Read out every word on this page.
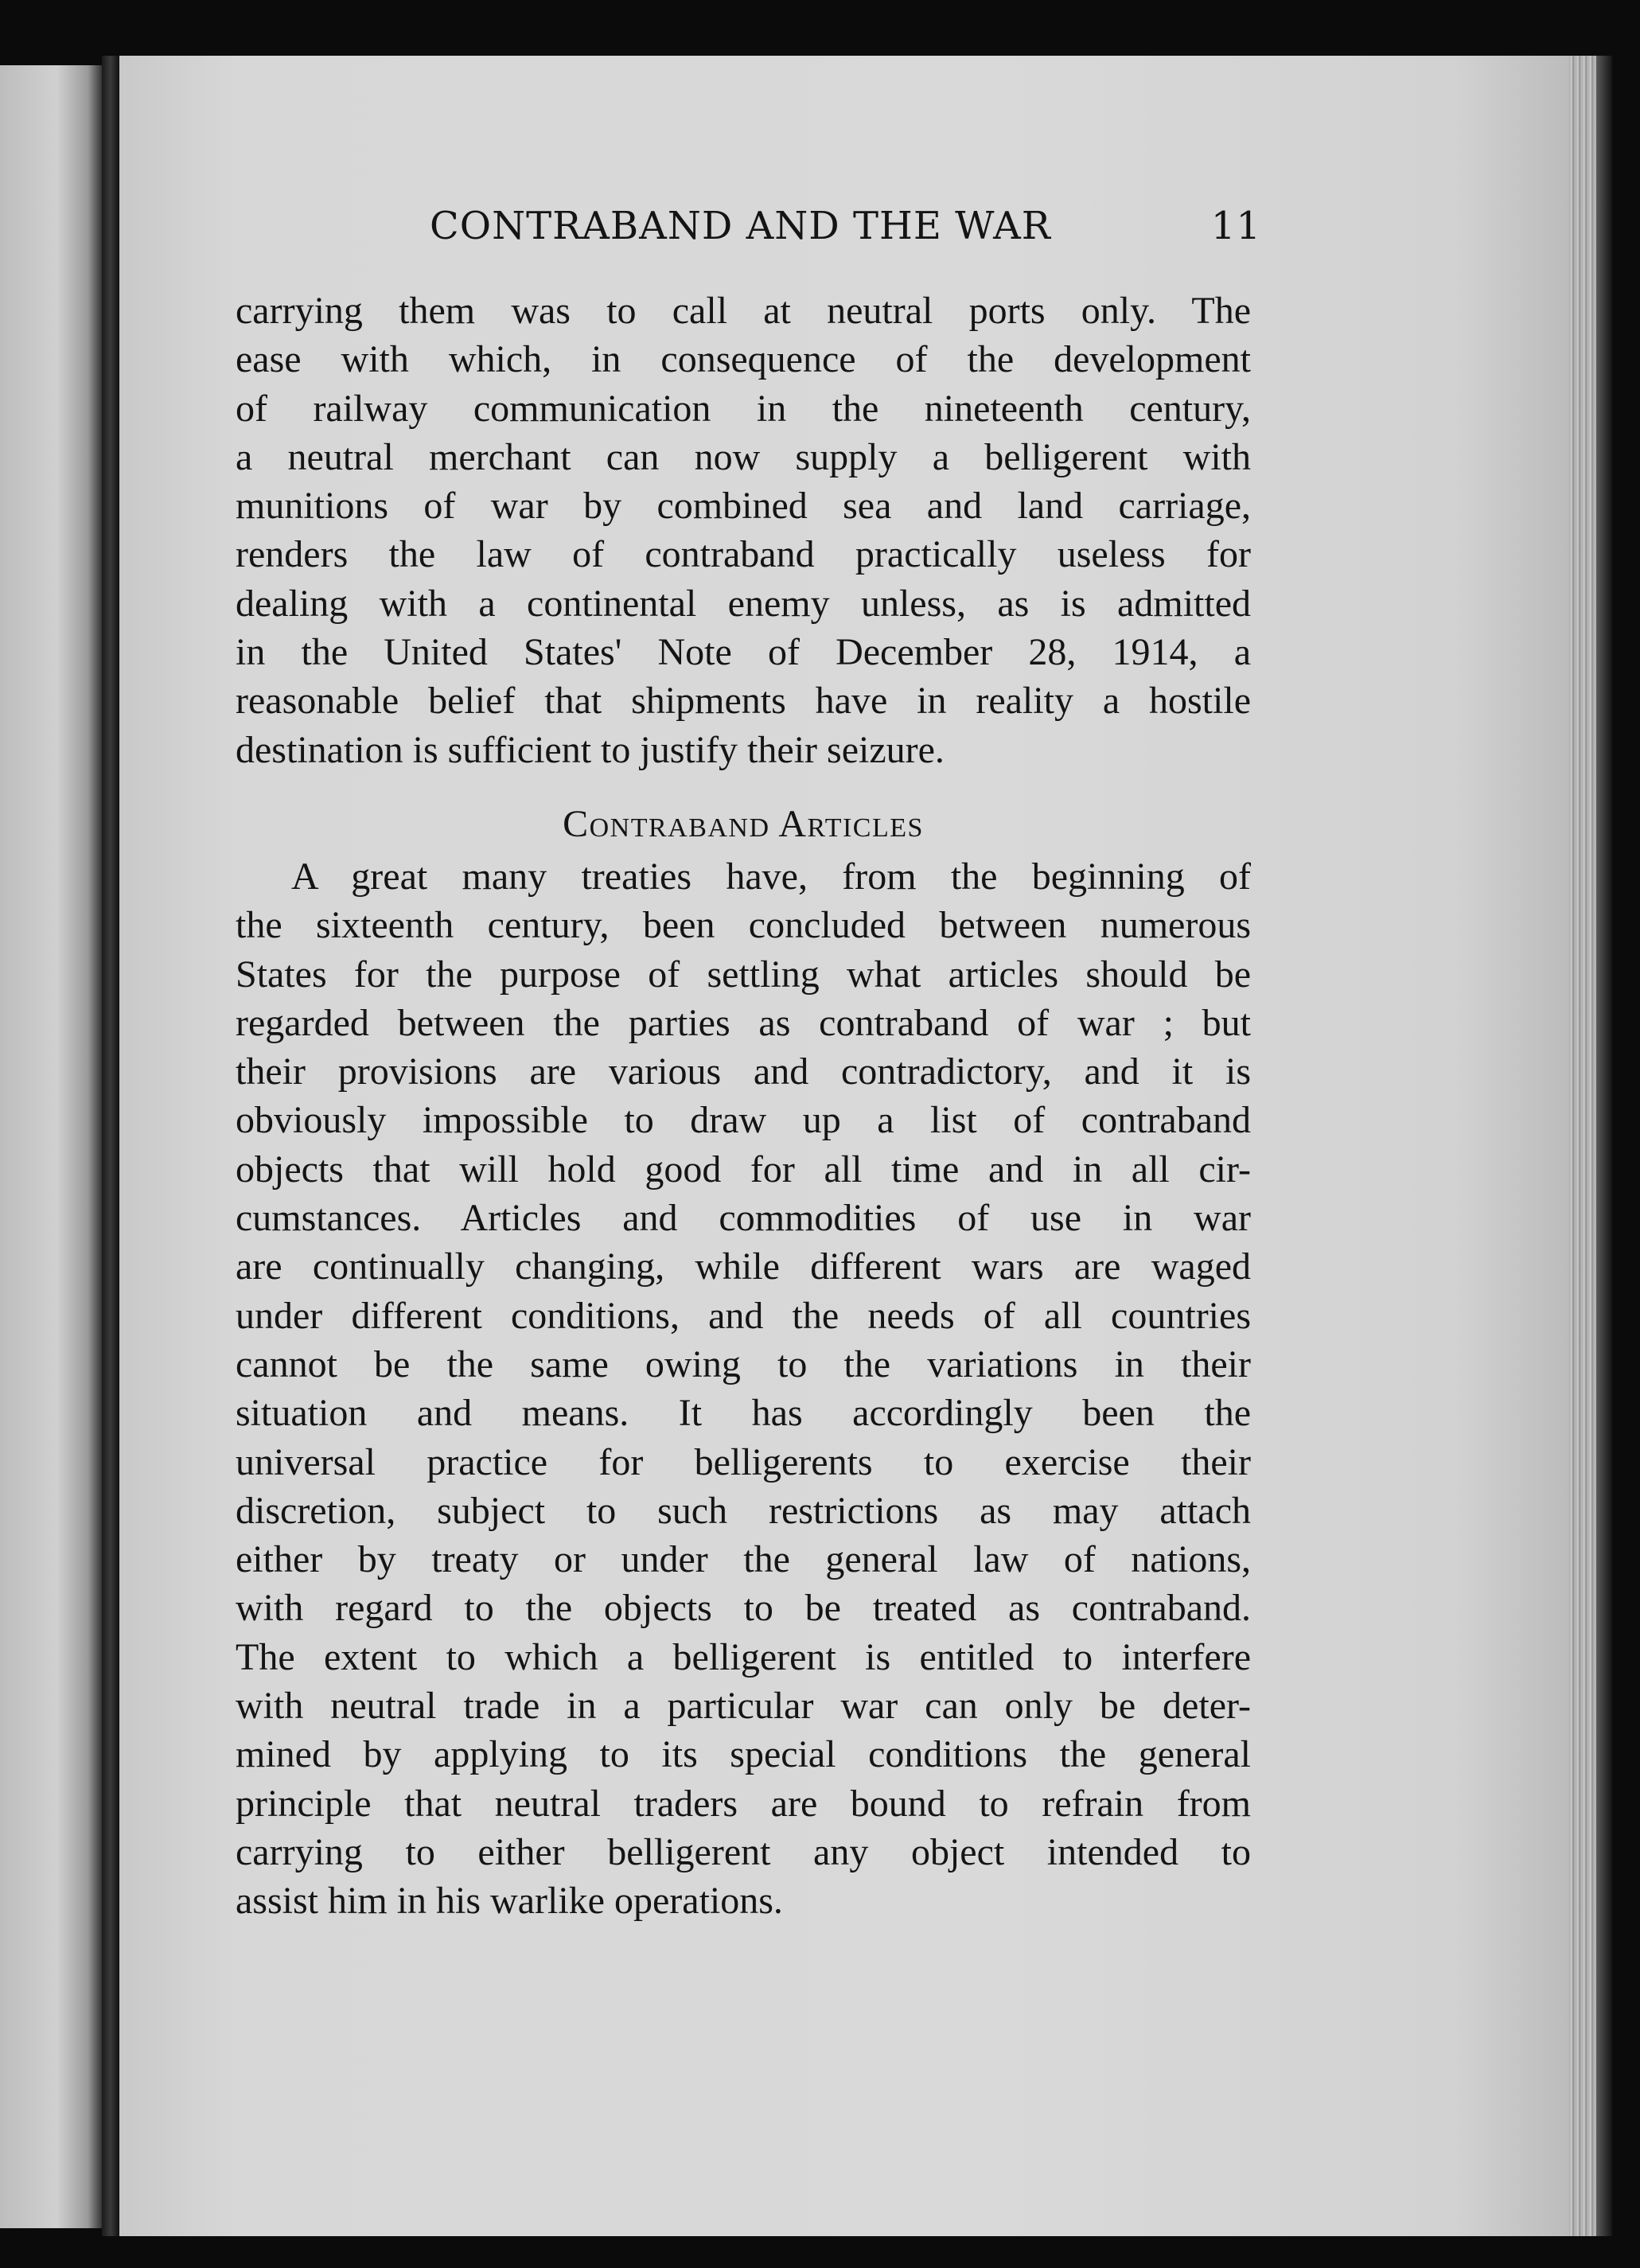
CONTRABAND AND THE WAR	11
carrying them was to call at neutral ports only. The
ease with which, in consequence of the development
of railway communication in the nineteenth century,
a neutral merchant can now supply a belligerent with
munitions of war by combined sea and land carriage,
renders the law of contraband practically useless for
dealing with a continental enemy unless, as is admitted
in the United States' Note of December 28, 1914, a
reasonable belief that shipments have in reality a hostile
destination is sufficient to justify their seizure.
Contraband Articles
A great many treaties have, from the beginning of
the sixteenth century, been concluded between numerous
States for the purpose of settling what articles should be
regarded between the parties as contraband of war ; but
their provisions are various and contradictory, and it is
obviously impossible to draw up a list of contraband
objects that will hold good for all time and in all cir-
cumstances. Articles and commodities of use in war
are continually changing, while different wars are waged
under different conditions, and the needs of all countries
cannot be the same owing to the variations in their
situation and means. It has accordingly been the
universal practice for belligerents to exercise their
discretion, subject to such restrictions as may attach
either by treaty or under the general law of nations,
with regard to the objects to be treated as contraband.
The extent to which a belligerent is entitled to interfere
with neutral trade in a particular war can only be deter-
mined by applying to its special conditions the general
principle that neutral traders are bound to refrain from
carrying to either belligerent any object intended to
assist him in his warlike operations.
